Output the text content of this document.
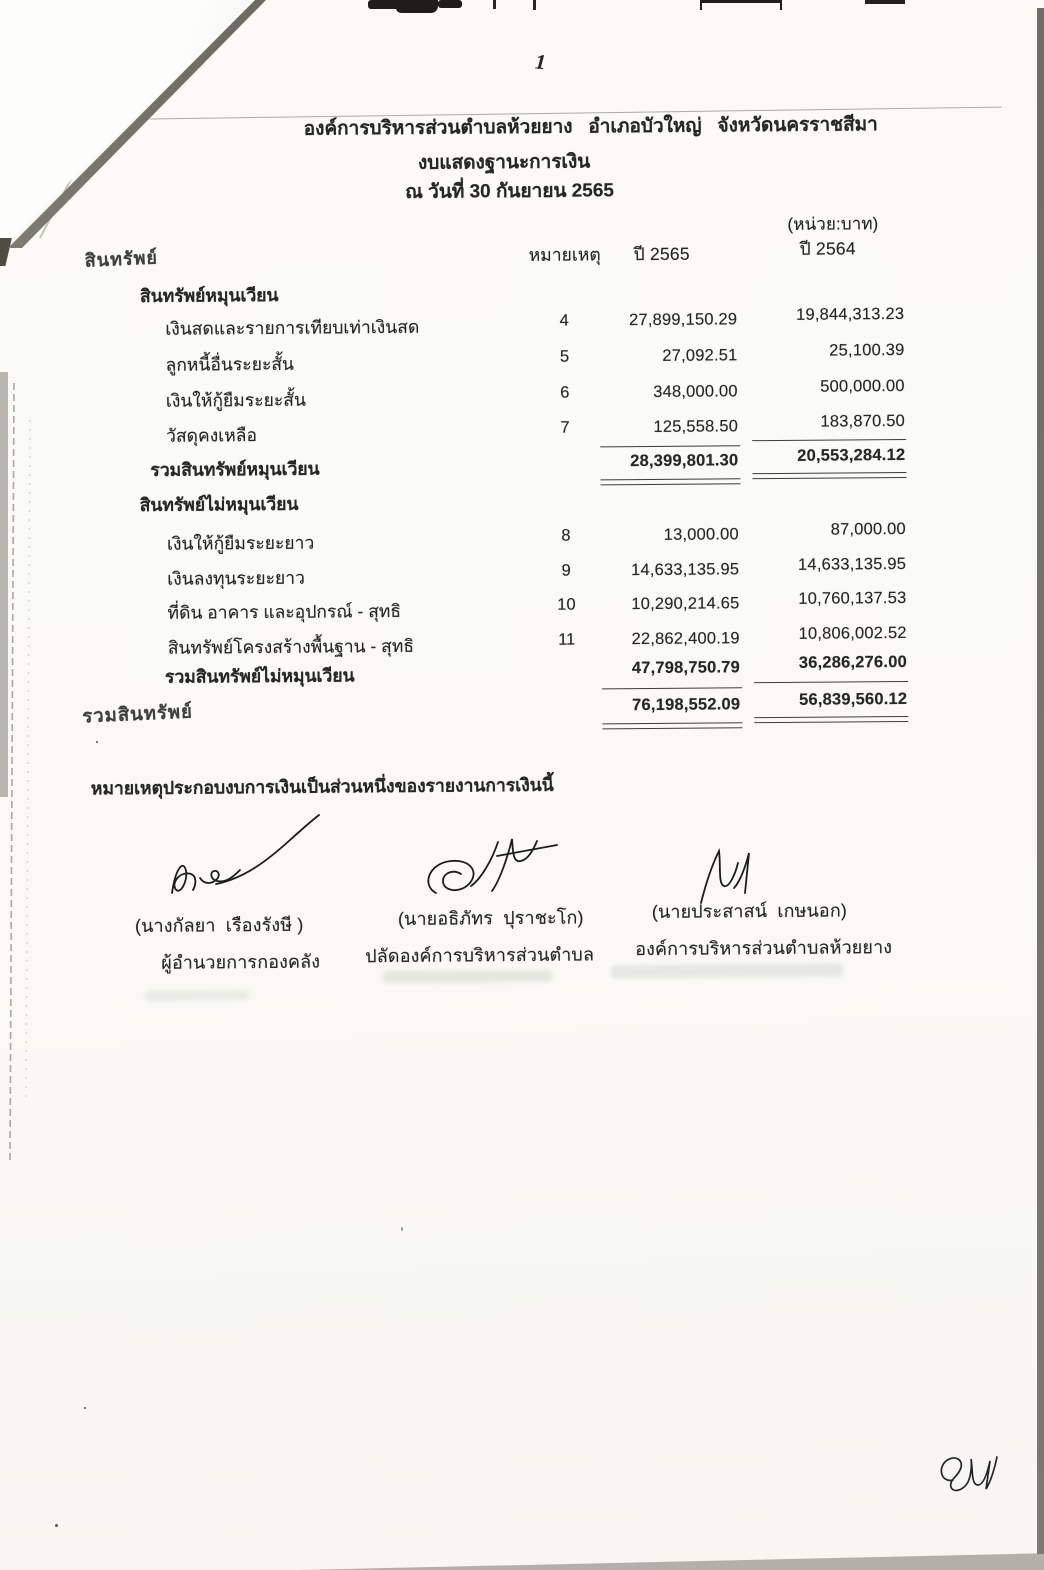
1
องค์การบริหารส่วนตำบลห้วยยาง   อำเภอบัวใหญ่   จังหวัดนครราชสีมา
งบแสดงฐานะการเงิน
ณ วันที่ 30 กันยายน 2565
(หน่วย:บาท)
สินทรัพย์	หมายเหตุ	ปี 2565	ปี 2564
สินทรัพย์หมุนเวียน
เงินสดและรายการเทียบเท่าเงินสด	4	27,899,150.29	19,844,313.23
ลูกหนี้อื่นระยะสั้น	5	27,092.51	25,100.39
เงินให้กู้ยืมระยะสั้น	6	348,000.00	500,000.00
วัสดุคงเหลือ	7	125,558.50	183,870.50
รวมสินทรัพย์หมุนเวียน	28,399,801.30	20,553,284.12
สินทรัพย์ไม่หมุนเวียน
เงินให้กู้ยืมระยะยาว	8	13,000.00	87,000.00
เงินลงทุนระยะยาว	9	14,633,135.95	14,633,135.95
ที่ดิน อาคาร และอุปกรณ์ - สุทธิ	10	10,290,214.65	10,760,137.53
สินทรัพย์โครงสร้างพื้นฐาน - สุทธิ	11	22,862,400.19	10,806,002.52
รวมสินทรัพย์ไม่หมุนเวียน	47,798,750.79	36,286,276.00
รวมสินทรัพย์	76,198,552.09	56,839,560.12
หมายเหตุประกอบงบการเงินเป็นส่วนหนึ่งของรายงานการเงินนี้
(นางกัลยา  เรืองรังษี )
ผู้อำนวยการกองคลัง
(นายอธิภัทร  ปุราชะโก)
ปลัดองค์การบริหารส่วนตำบล
(นายประสาสน์  เกษนอก)
องค์การบริหารส่วนตำบลห้วยยาง
